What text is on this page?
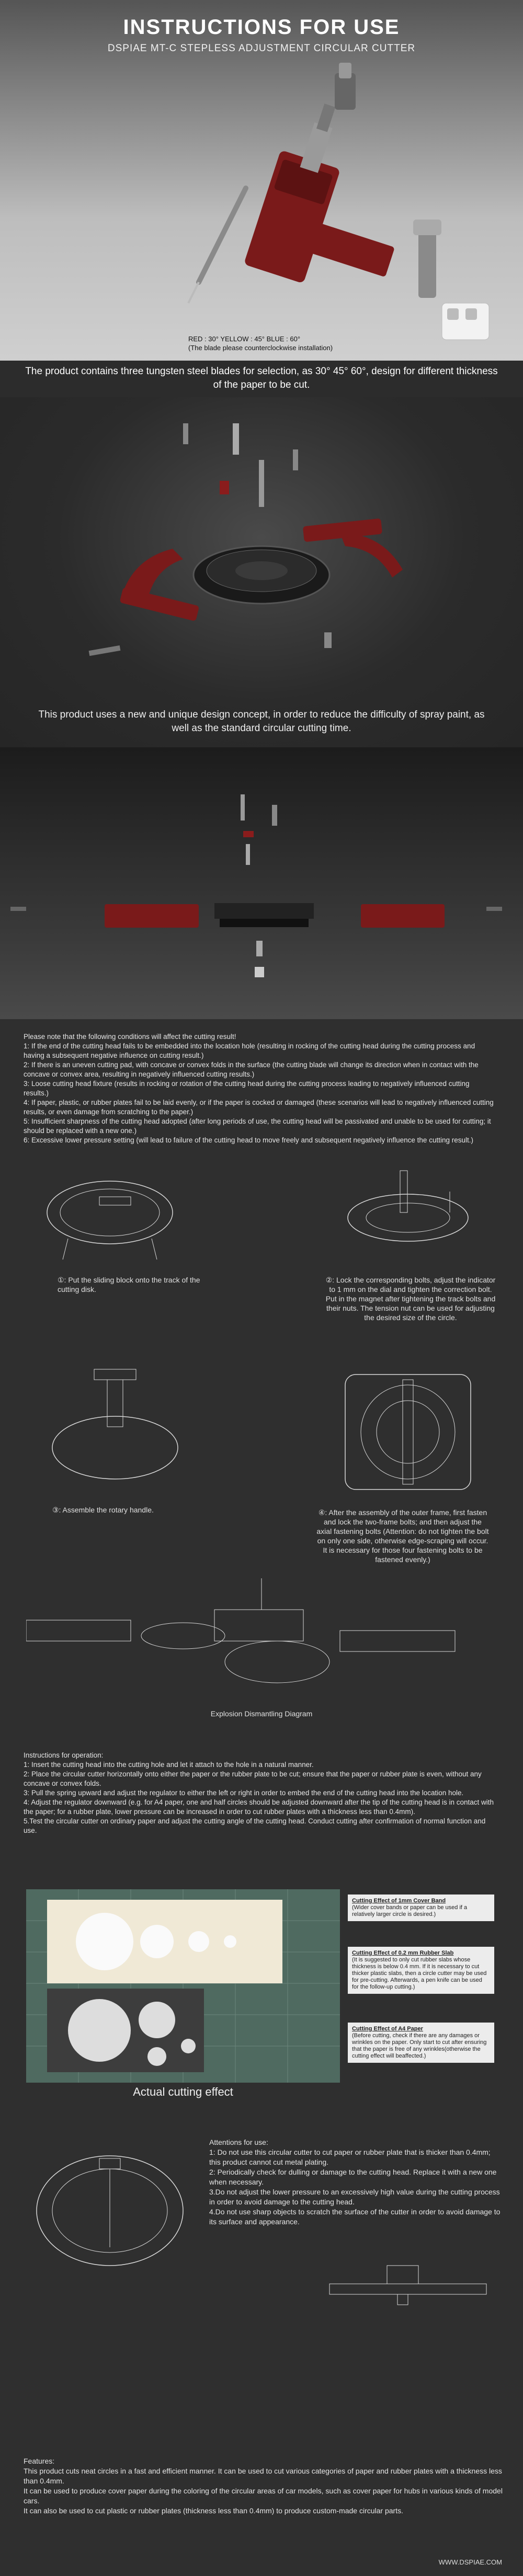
INSTRUCTIONS FOR USE
DSPIAE MT-C STEPLESS ADJUSTMENT CIRCULAR CUTTER
RED : 30° YELLOW : 45° BLUE : 60°
(The blade please counterclockwise installation)
The product contains three tungsten steel blades for selection, as 30° 45° 60°, design for different thickness of the paper to be cut.
This product uses a new and unique design concept, in order to reduce the difficulty of spray paint, as well as the standard circular cutting time.
Please note that the following conditions will affect the cutting result!
1: If the end of the cutting head fails to be embedded into the location hole (resulting in rocking of the cutting head during the cutting process and having a subsequent negative influence on cutting result.)
2: If there is an uneven cutting pad, with concave or convex folds in the surface (the cutting blade will change its direction when in contact with the concave or convex area, resulting in negatively influenced cutting results.)
3: Loose cutting head fixture (results in rocking or rotation of the cutting head during the cutting process leading to negatively influenced cutting results.)
4: If paper, plastic, or rubber plates fail to be laid evenly, or if the paper is cocked or damaged (these scenarios will lead to negatively influenced cutting results, or even damage from scratching to the paper.)
5: Insufficient sharpness of the cutting head adopted (after long periods of use, the cutting head will be passivated and unable to be used for cutting; it should be replaced with a new one.)
6: Excessive lower pressure setting (will lead to failure of the cutting head to move freely and subsequent negatively influence the cutting result.)
①: Put the sliding block onto the track of the cutting disk.
②: Lock the corresponding bolts, adjust the indicator to 1 mm on the dial and tighten the correction bolt. Put in the magnet after tightening the track bolts and their nuts. The tension nut can be used for adjusting the desired size of the circle.
③: Assemble the rotary handle.	④: After the assembly of the outer frame, first fasten and lock the two-frame bolts; and then adjust the axial fastening bolts (Attention: do not tighten the bolt on only one side, otherwise edge-scraping will occur. It is necessary for those four fastening bolts to be fastened evenly.)
Explosion Dismantling Diagram
Instructions for operation:
1: Insert the cutting head into the cutting hole and let it attach to the hole in a natural manner.
2: Place the circular cutter horizontally onto either the paper or the rubber plate to be cut; ensure that the paper or rubber plate is even, without any concave or convex folds.
3: Pull the spring upward and adjust the regulator to either the left or right in order to embed the end of the cutting head into the location hole.
4: Adjust the regulator downward (e.g. for A4 paper, one and half circles should be adjusted downward after the tip of the cutting head is in contact with the paper; for a rubber plate, lower pressure can be increased in order to cut rubber plates with a thickness less than 0.4mm).
5.Test the circular cutter on ordinary paper and adjust the cutting angle of the cutting head. Conduct cutting after confirmation of normal function and use.
Actual cutting effect
Cutting Effect of 1mm Cover Band
(Wider cover bands or paper can be used if a relatively larger circle is desired.)
Cutting Effect of 0.2 mm Rubber Slab
(It is suggested to only cut rubber slabs whose thickness is below 0.4 mm. If it is necessary to cut thicker plastic slabs, then a circle cutter may be used for pre-cutting. Afterwards, a pen knife can be used for the follow-up cutting.)
Cutting Effect of A4 Paper
(Before cutting, check if there are any damages or wrinkles on the paper. Only start to cut after ensuring that the paper is free of any wrinkles(otherwise the cutting effect will beaffected.)
Attentions for use:
1: Do not use this circular cutter to cut paper or rubber plate that is thicker than 0.4mm; this product cannot cut metal plating.
2: Periodically check for dulling or damage to the cutting head. Replace it with a new one when necessary.
3.Do not adjust the lower pressure to an excessively high value during the cutting process in order to avoid damage to the cutting head.
4.Do not use sharp objects to scratch the surface of the cutter in order to avoid damage to its surface and appearance.
Features:
This product cuts neat circles in a fast and efficient manner. It can be used to cut various categories of paper and rubber plates with a thickness less than 0.4mm.
It can be used to produce cover paper during the coloring of the circular areas of car models, such as cover paper for hubs in various kinds of model cars.
It can also be used to cut plastic or rubber plates (thickness less than 0.4mm) to produce custom-made circular parts.
WWW.DSPIAE.COM
